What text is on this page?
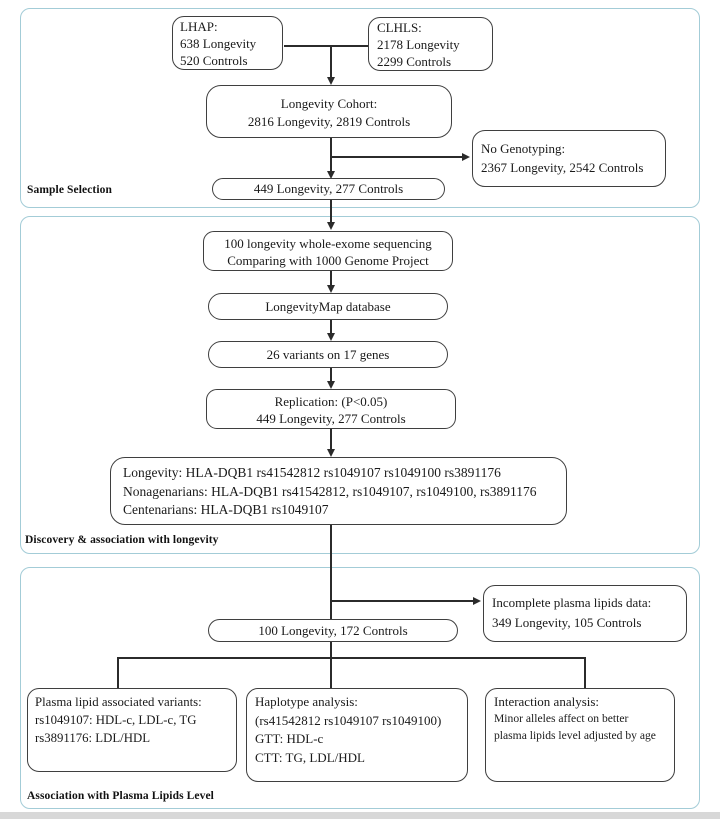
LHAP:
638 Longevity
520 Controls
CLHLS:
2178 Longevity
2299 Controls
Longevity Cohort:
2816 Longevity, 2819 Controls
No Genotyping:
2367 Longevity, 2542 Controls
449 Longevity, 277 Controls
Sample Selection
100 longevity whole-exome sequencing
Comparing with 1000 Genome Project
LongevityMap database
26 variants on 17 genes
Replication: (P<0.05)
449 Longevity, 277 Controls
Longevity: HLA-DQB1 rs41542812 rs1049107 rs1049100 rs3891176
Nonagenarians: HLA-DQB1 rs41542812, rs1049107, rs1049100, rs3891176
Centenarians: HLA-DQB1 rs1049107
Discovery & association with longevity
Incomplete plasma lipids data:
349 Longevity, 105 Controls
100 Longevity, 172 Controls
Plasma lipid associated variants:
rs1049107: HDL-c, LDL-c, TG
rs3891176: LDL/HDL
Haplotype analysis:
(rs41542812 rs1049107 rs1049100)
GTT: HDL-c
CTT: TG, LDL/HDL
Interaction analysis:
Minor alleles affect on better
plasma lipids level adjusted by age
Association with Plasma Lipids Level
